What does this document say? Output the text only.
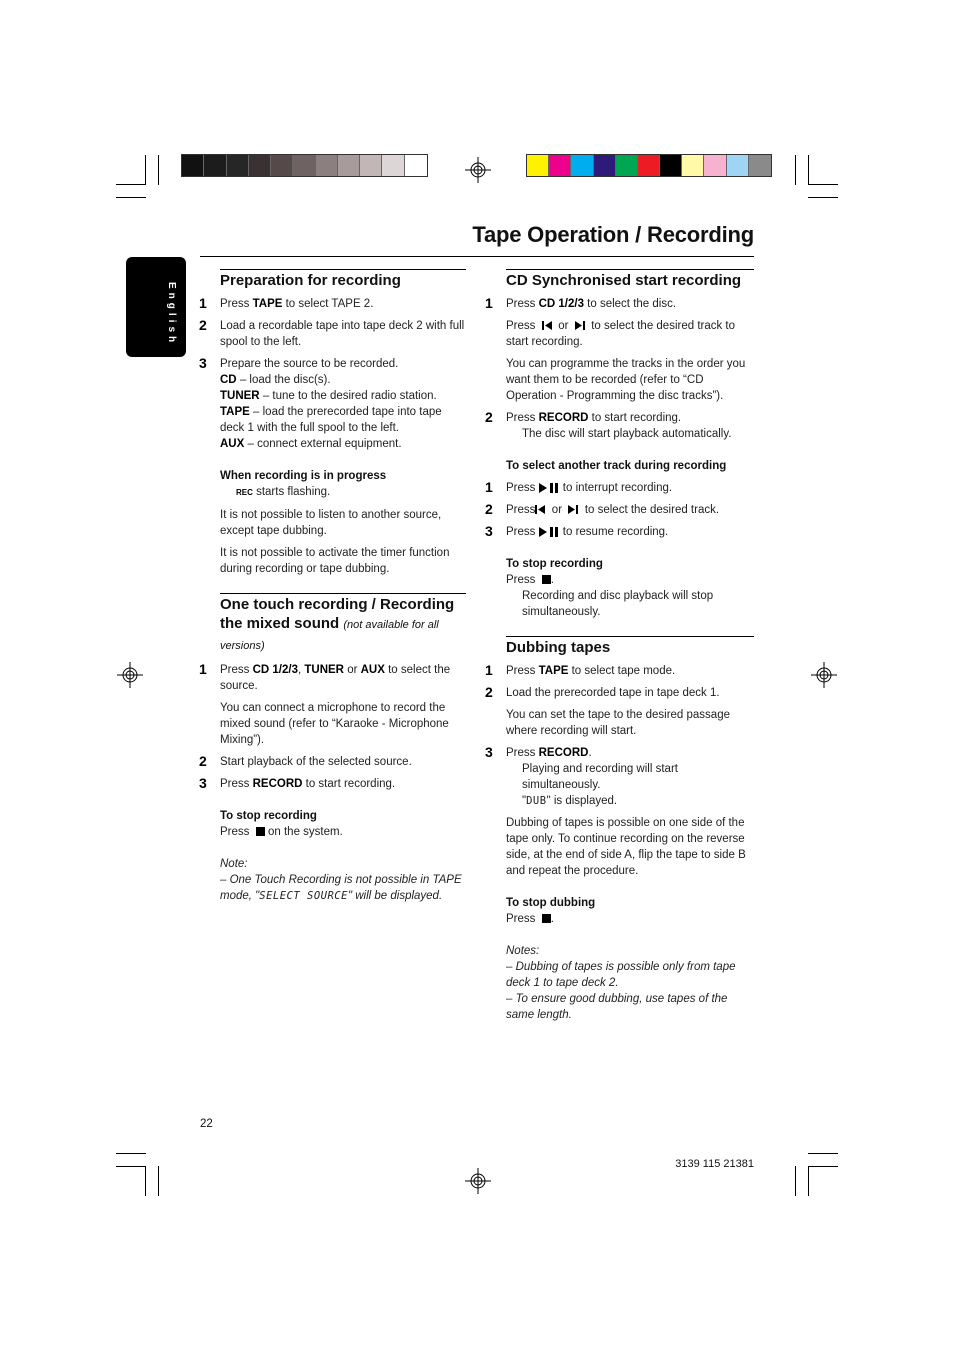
Tape Operation / Recording
English
Preparation for recording
1 Press TAPE to select TAPE 2.
2 Load a recordable tape into tape deck 2 with full spool to the left.
3 Prepare the source to be recorded.
CD – load the disc(s).
TUNER – tune to the desired radio station.
TAPE – load the prerecorded tape into tape deck 1 with the full spool to the left.
AUX – connect external equipment.
When recording is in progress
REC starts flashing.
It is not possible to listen to another source, except tape dubbing.
It is not possible to activate the timer function during recording or tape dubbing.
One touch recording / Recording
the mixed sound (not available for all
versions)
1 Press CD 1/2/3, TUNER or AUX to select the source.
You can connect a microphone to record the mixed sound (refer to “Karaoke - Microphone Mixing”).
2 Start playback of the selected source.
3 Press RECORD to start recording.
To stop recording
Press   on the system.
Note:
– One Touch Recording is not possible in TAPE mode, "SELECT SOURCE" will be displayed.
CD Synchronised start recording
1 Press CD 1/2/3 to select the disc.
Press or to select the desired track to start recording.
You can programme the tracks in the order you want them to be recorded (refer to “CD Operation - Programming the disc tracks”).
2 Press RECORD to start recording.
The disc will start playback automatically.
To select another track during recording
1 Press  to interrupt recording.
2 Press or to select the desired track.
3 Press  to resume recording.
To stop recording
Press .
Recording and disc playback will stop simultaneously.
Dubbing tapes
1 Press TAPE to select tape mode.
2 Load the prerecorded tape in tape deck 1.
You can set the tape to the desired passage where recording will start.
3 Press RECORD.
Playing and recording will start simultaneously.
"DUB" is displayed.
Dubbing of tapes is possible on one side of the tape only. To continue recording on the reverse side, at the end of side A, flip the tape to side B and repeat the procedure.
To stop dubbing
Press .
Notes:
– Dubbing of tapes is possible only from tape deck 1 to tape deck 2.
– To ensure good dubbing, use tapes of the same length.
22
3139 115 21381
